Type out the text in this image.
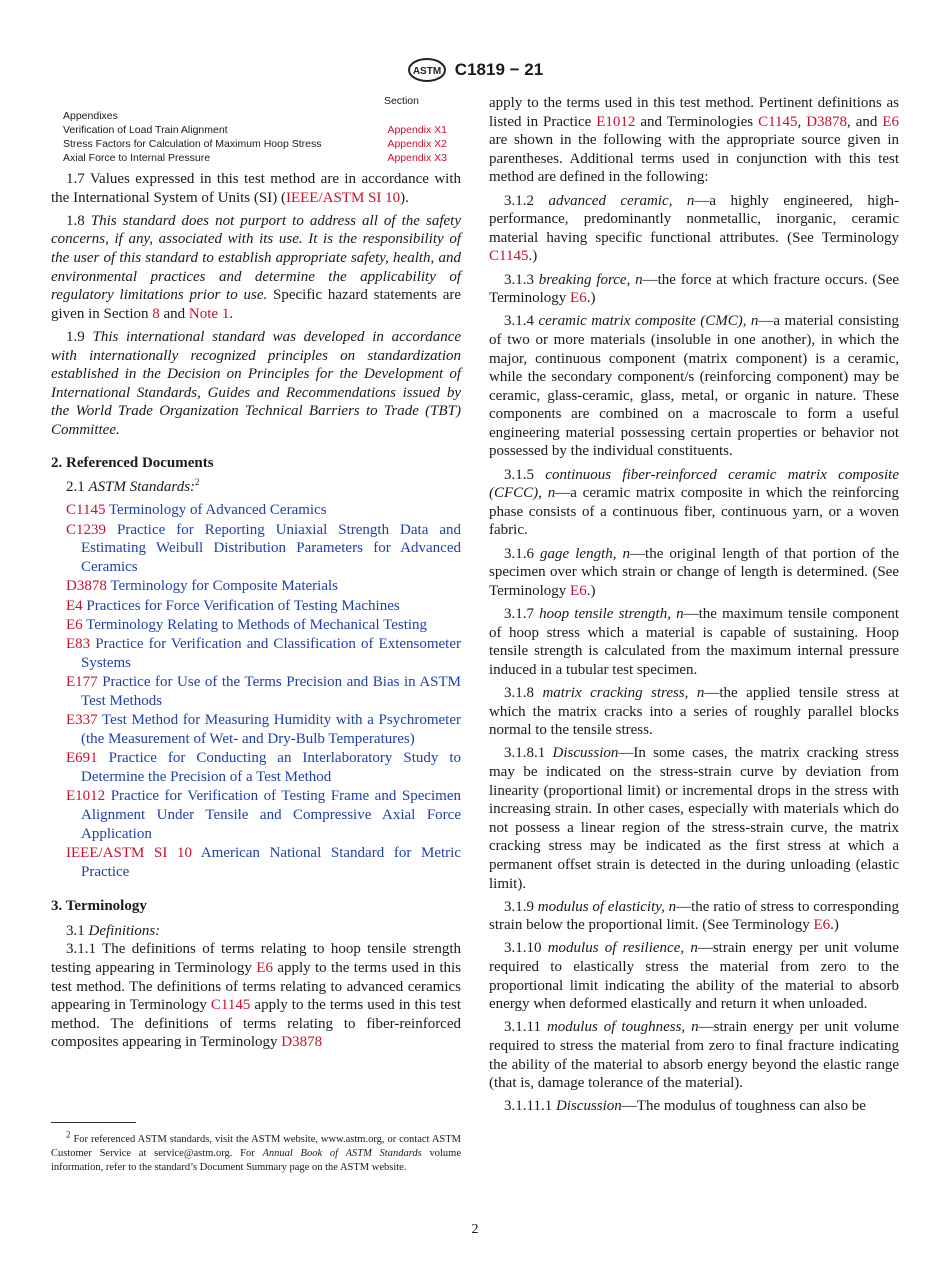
ASTM C1819 − 21
Section
Appendixes
Verification of Load Train Alignment	Appendix X1
Stress Factors for Calculation of Maximum Hoop Stress	Appendix X2
Axial Force to Internal Pressure	Appendix X3

1.7 Values expressed in this test method are in accordance with the International System of Units (SI) (IEEE/ASTM SI 10).

1.8 This standard does not purport to address all of the safety concerns, if any, associated with its use. It is the responsibility of the user of this standard to establish appropriate safety, health, and environmental practices and determine the applicability of regulatory limitations prior to use. Specific hazard statements are given in Section 8 and Note 1.

1.9 This international standard was developed in accordance with internationally recognized principles on standardization established in the Decision on Principles for the Development of International Standards, Guides and Recommendations issued by the World Trade Organization Technical Barriers to Trade (TBT) Committee.

2. Referenced Documents

2.1 ASTM Standards:$^2$

C1145 Terminology of Advanced Ceramics
C1239 Practice for Reporting Uniaxial Strength Data and Estimating Weibull Distribution Parameters for Advanced Ceramics
D3878 Terminology for Composite Materials
E4 Practices for Force Verification of Testing Machines
E6 Terminology Relating to Methods of Mechanical Testing
E83 Practice for Verification and Classification of Extensometer Systems
E177 Practice for Use of the Terms Precision and Bias in ASTM Test Methods
E337 Test Method for Measuring Humidity with a Psychrometer (the Measurement of Wet- and Dry-Bulb Temperatures)
E691 Practice for Conducting an Interlaboratory Study to Determine the Precision of a Test Method
E1012 Practice for Verification of Testing Frame and Specimen Alignment Under Tensile and Compressive Axial Force Application
IEEE/ASTM SI 10 American National Standard for Metric Practice
3. Terminology

3.1 Definitions:

3.1.1 The definitions of terms relating to hoop tensile strength testing appearing in Terminology E6 apply to the terms used in this test method. The definitions of terms relating to advanced ceramics appearing in Terminology C1145 apply to the terms used in this test method. The definitions of terms relating to fiber-reinforced composites appearing in Terminology D3878

apply to the terms used in this test method. Pertinent definitions as listed in Practice E1012 and Terminologies C1145, D3878, and E6 are shown in the following with the appropriate source given in parentheses. Additional terms used in conjunction with this test method are defined in the following:

3.1.2 advanced ceramic, n—a highly engineered, high-performance, predominantly nonmetallic, inorganic, ceramic material having specific functional attributes. (See Terminology C1145.)

3.1.3 breaking force, n—the force at which fracture occurs. (See Terminology E6.)

3.1.4 ceramic matrix composite (CMC), n—a material consisting of two or more materials (insoluble in one another), in which the major, continuous component (matrix component) is a ceramic, while the secondary component/s (reinforcing component) may be ceramic, glass-ceramic, glass, metal, or organic in nature. These components are combined on a macroscale to form a useful engineering material possessing certain properties or behavior not possessed by the individual constituents.

3.1.5 continuous fiber-reinforced ceramic matrix composite (CFCC), n—a ceramic matrix composite in which the reinforcing phase consists of a continuous fiber, continuous yarn, or a woven fabric.

3.1.6 gage length, n—the original length of that portion of the specimen over which strain or change of length is determined. (See Terminology E6.)

3.1.7 hoop tensile strength, n—the maximum tensile component of hoop stress which a material is capable of sustaining. Hoop tensile strength is calculated from the maximum internal pressure induced in a tubular test specimen.

3.1.8 matrix cracking stress, n—the applied tensile stress at which the matrix cracks into a series of roughly parallel blocks normal to the tensile stress.

3.1.8.1 Discussion—In some cases, the matrix cracking stress may be indicated on the stress-strain curve by deviation from linearity (proportional limit) or incremental drops in the stress with increasing strain. In other cases, especially with materials which do not possess a linear region of the stress-strain curve, the matrix cracking stress may be indicated as the first stress at which a permanent offset strain is detected in the during unloading (elastic limit).

3.1.9 modulus of elasticity, n—the ratio of stress to corresponding strain below the proportional limit. (See Terminology E6.)

3.1.10 modulus of resilience, n—strain energy per unit volume required to elastically stress the material from zero to the proportional limit indicating the ability of the material to absorb energy when deformed elastically and return it when unloaded.

3.1.11 modulus of toughness, n—strain energy per unit volume required to stress the material from zero to final fracture indicating the ability of the material to absorb energy beyond the elastic range (that is, damage tolerance of the material).

3.1.11.1 Discussion—The modulus of toughness can also be

$^2$ For referenced ASTM standards, visit the ASTM website, www.astm.org, or contact ASTM Customer Service at service@astm.org. For Annual Book of ASTM Standards volume information, refer to the standard’s Document Summary page on the ASTM website.
2
